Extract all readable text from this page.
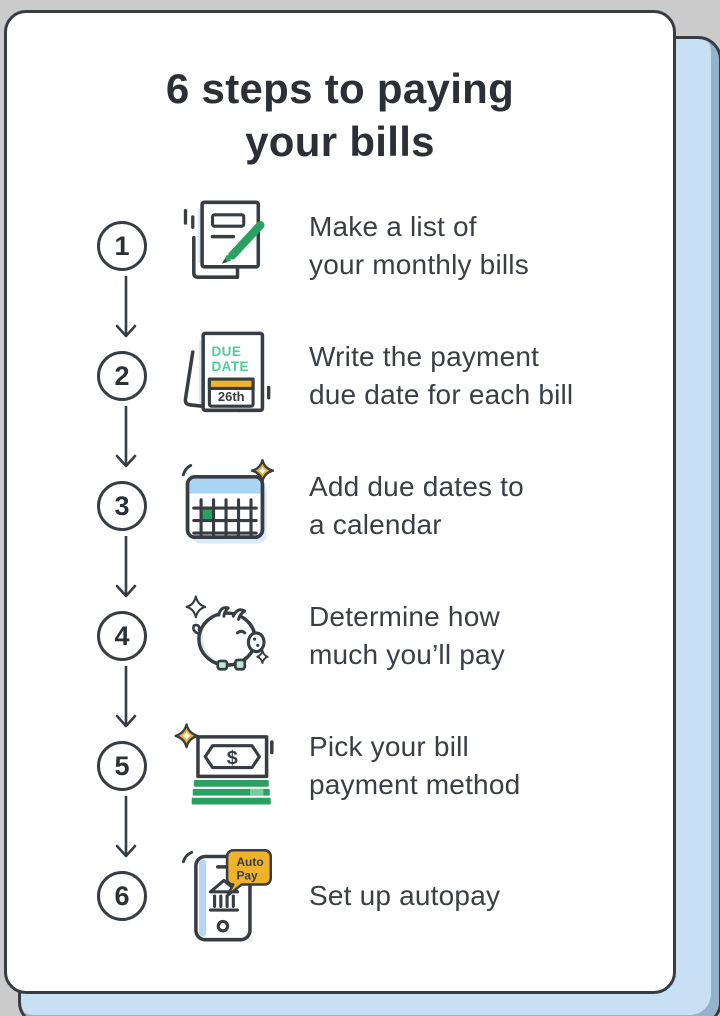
6 steps to paying
your bills
1
Make a list of
your monthly bills
2
DUE
DATE
26th
Write the payment
due date for each bill
3
Add due dates to
a calendar
4
Determine how
much you’ll pay
5	$	Pick your bill
payment method
6
Auto
Pay
Set up autopay
